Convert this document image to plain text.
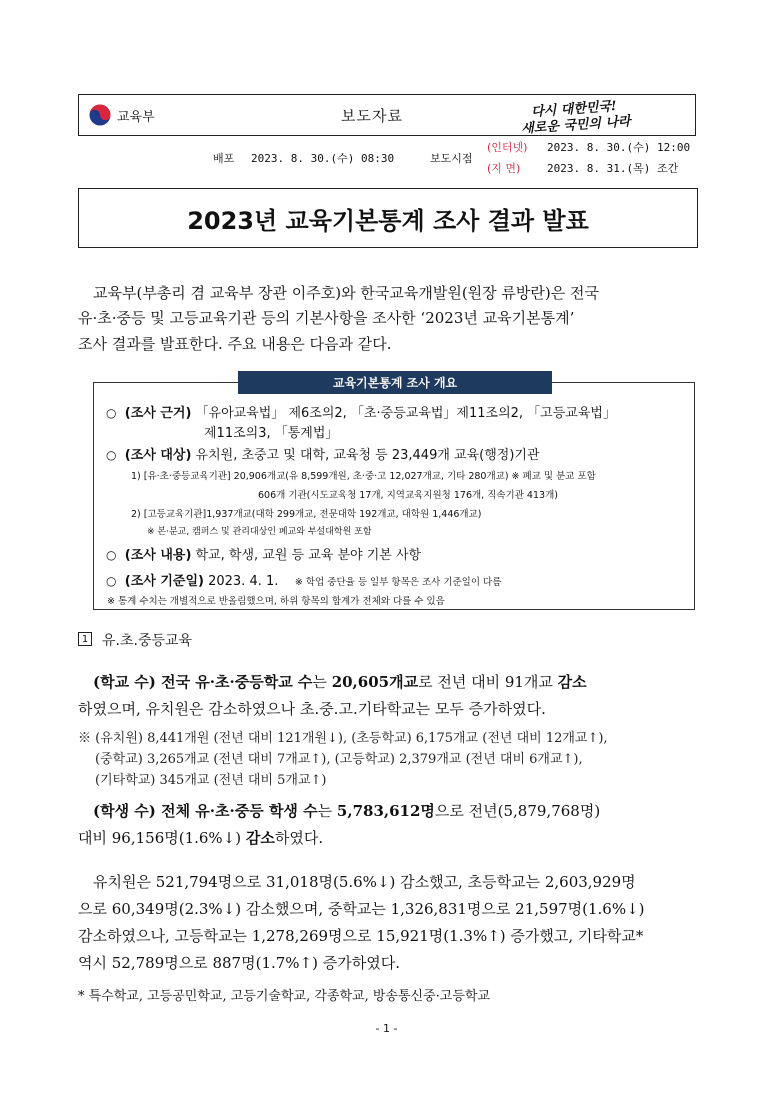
교육부	보도자료	다시 대한민국!
새로운 국민의 나라
배포 2023. 8. 30.(수) 08:30	보도시점
(인터넷) 2023. 8. 30.(수) 12:00
(지 면) 2023. 8. 31.(목) 조간
2023년 교육기본통계 조사 결과 발표
교육부(부총리 겸 교육부 장관 이주호)와 한국교육개발원(원장 류방란)은 전국
유·초·중등 및 고등교육기관 등의 기본사항을 조사한 ‘2023년 교육기본통계’
조사 결과를 발표한다. 주요 내용은 다음과 같다.
교육기본통계 조사 개요
○ (조사 근거) 「유아교육법」 제6조의2, 「초·중등교육법」제11조의2, 「고등교육법」
제11조의3, 「통계법」
○ (조사 대상) 유치원, 초중고 및 대학, 교육청 등 23,449개 교육(행정)기관
1) [유·초·중등교육기관] 20,906개교(유 8,599개원, 초·중·고 12,027개교, 기타 280개교) ※ 폐교 및 분교 포함
606개 기관(시도교육청 17개, 지역교육지원청 176개, 직속기관 413개)
2) [고등교육기관]1,937개교(대학 299개교, 전문대학 192개교, 대학원 1,446개교)
※ 본·분교, 캠퍼스 및 관리대상인 폐교와 부설대학원 포함
○ (조사 내용) 학교, 학생, 교원 등 교육 분야 기본 사항
○ (조사 기준일) 2023. 4. 1. ※ 학업 중단율 등 일부 항목은 조사 기준일이 다름
※ 통계 수치는 개별적으로 반올림했으며, 하위 항목의 합계가 전체와 다를 수 있음
1 유.초.중등교육
(학교 수) 전국 유·초·중등학교 수는 20,605개교로 전년 대비 91개교 감소
하였으며, 유치원은 감소하였으나 초.중.고.기타학교는 모두 증가하였다.
※ (유치원) 8,441개원 (전년 대비 121개원↓), (초등학교) 6,175개교 (전년 대비 12개교↑),
(중학교) 3,265개교 (전년 대비 7개교↑), (고등학교) 2,379개교 (전년 대비 6개교↑),
(기타학교) 345개교 (전년 대비 5개교↑)
(학생 수) 전체 유·초·중등 학생 수는 5,783,612명으로 전년(5,879,768명)
대비 96,156명(1.6%↓) 감소하였다.
유치원은 521,794명으로 31,018명(5.6%↓) 감소했고, 초등학교는 2,603,929명
으로 60,349명(2.3%↓) 감소했으며, 중학교는 1,326,831명으로 21,597명(1.6%↓)
감소하였으나, 고등학교는 1,278,269명으로 15,921명(1.3%↑) 증가했고, 기타학교*
역시 52,789명으로 887명(1.7%↑) 증가하였다.
* 특수학교, 고등공민학교, 고등기술학교, 각종학교, 방송통신중·고등학교
- 1 -
